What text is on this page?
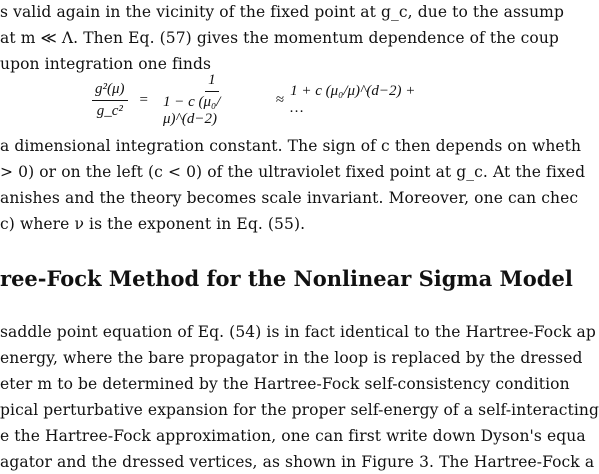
s valid again in the vicinity of the fixed point at g_c, due to the assump
at m ≪ Λ. Then Eq. (57) gives the momentum dependence of the coup
upon integration one finds
$\frac{\text{g²(μ)}}{\text{g\_c²}} = \frac{1}{\text{1 − c (μ₀/μ)\textasciicircum{}(d−2)}}$ ≈
1 + c (μ₀/μ)^(d−2) + …
a dimensional integration constant. The sign of c then depends on wheth
> 0) or on the left (c < 0) of the ultraviolet fixed point at g_c. At the fixed
anishes and the theory becomes scale invariant. Moreover, one can chec
c) where ν is the exponent in Eq. (55).
ree-Fock Method for the Nonlinear Sigma Model
saddle point equation of Eq. (54) is in fact identical to the Hartree-Fock ap
energy, where the bare propagator in the loop is replaced by the dressed
eter m to be determined by the Hartree-Fock self-consistency condition
pical perturbative expansion for the proper self-energy of a self-interacting
e the Hartree-Fock approximation, one can first write down Dyson's equa
agator and the dressed vertices, as shown in Figure 3. The Hartree-Fock a
